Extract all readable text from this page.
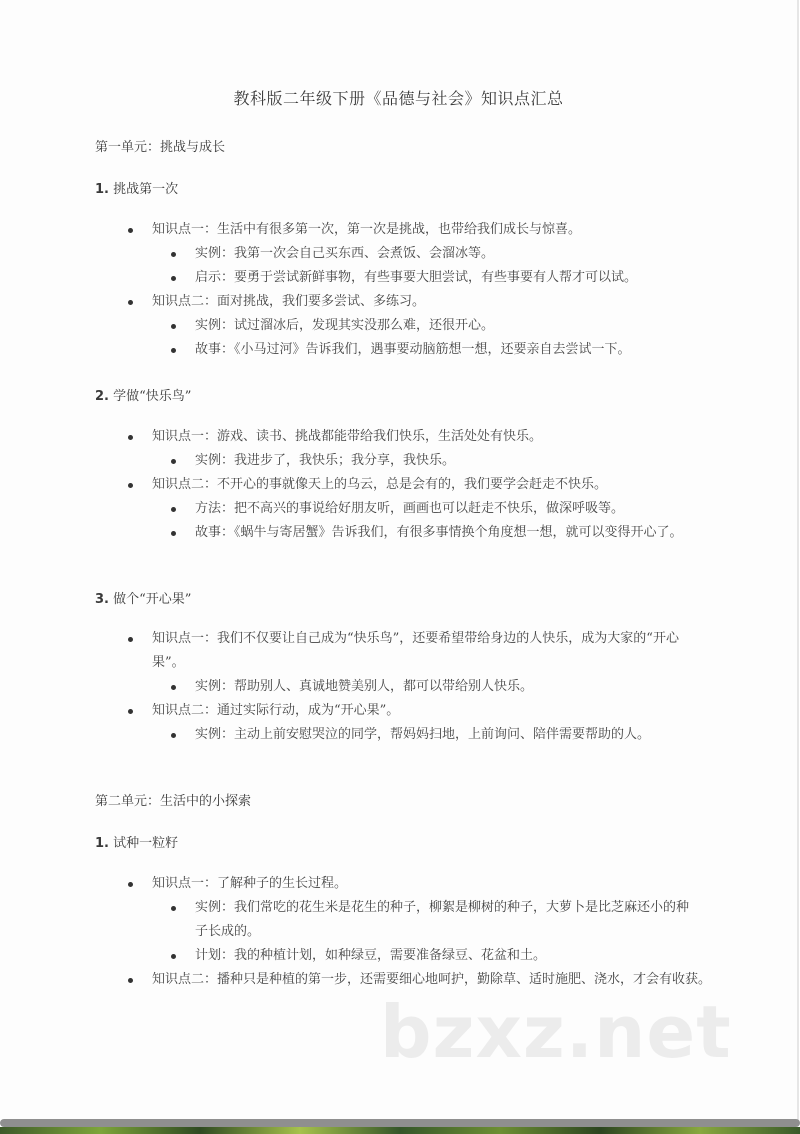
教科版二年级下册《品德与社会》知识点汇总
第一单元：挑战与成长
1. 挑战第一次
知识点一：生活中有很多第一次，第一次是挑战，也带给我们成长与惊喜。
实例：我第一次会自己买东西、会煮饭、会溜冰等。
启示：要勇于尝试新鲜事物，有些事要大胆尝试，有些事要有人帮才可以试。
知识点二：面对挑战，我们要多尝试、多练习。
实例：试过溜冰后，发现其实没那么难，还很开心。
故事：《小马过河》告诉我们，遇事要动脑筋想一想，还要亲自去尝试一下。
2. 学做“快乐鸟”
知识点一：游戏、读书、挑战都能带给我们快乐，生活处处有快乐。
实例：我进步了，我快乐；我分享，我快乐。
知识点二：不开心的事就像天上的乌云，总是会有的，我们要学会赶走不快乐。
方法：把不高兴的事说给好朋友听，画画也可以赶走不快乐，做深呼吸等。
故事：《蜗牛与寄居蟹》告诉我们，有很多事情换个角度想一想，就可以变得开心了。
3. 做个“开心果”
知识点一：我们不仅要让自己成为“快乐鸟”，还要希望带给身边的人快乐，成为大家的“开心果”。
实例：帮助别人、真诚地赞美别人，都可以带给别人快乐。
知识点二：通过实际行动，成为“开心果”。
实例：主动上前安慰哭泣的同学，帮妈妈扫地，上前询问、陪伴需要帮助的人。
第二单元：生活中的小探索
1. 试种一粒籽
知识点一：了解种子的生长过程。
实例：我们常吃的花生米是花生的种子，柳絮是柳树的种子，大萝卜是比芝麻还小的种子长成的。
计划：我的种植计划，如种绿豆，需要准备绿豆、花盆和土。
知识点二：播种只是种植的第一步，还需要细心地呵护，勤除草、适时施肥、浇水，才会有收获。
bzxz.net
